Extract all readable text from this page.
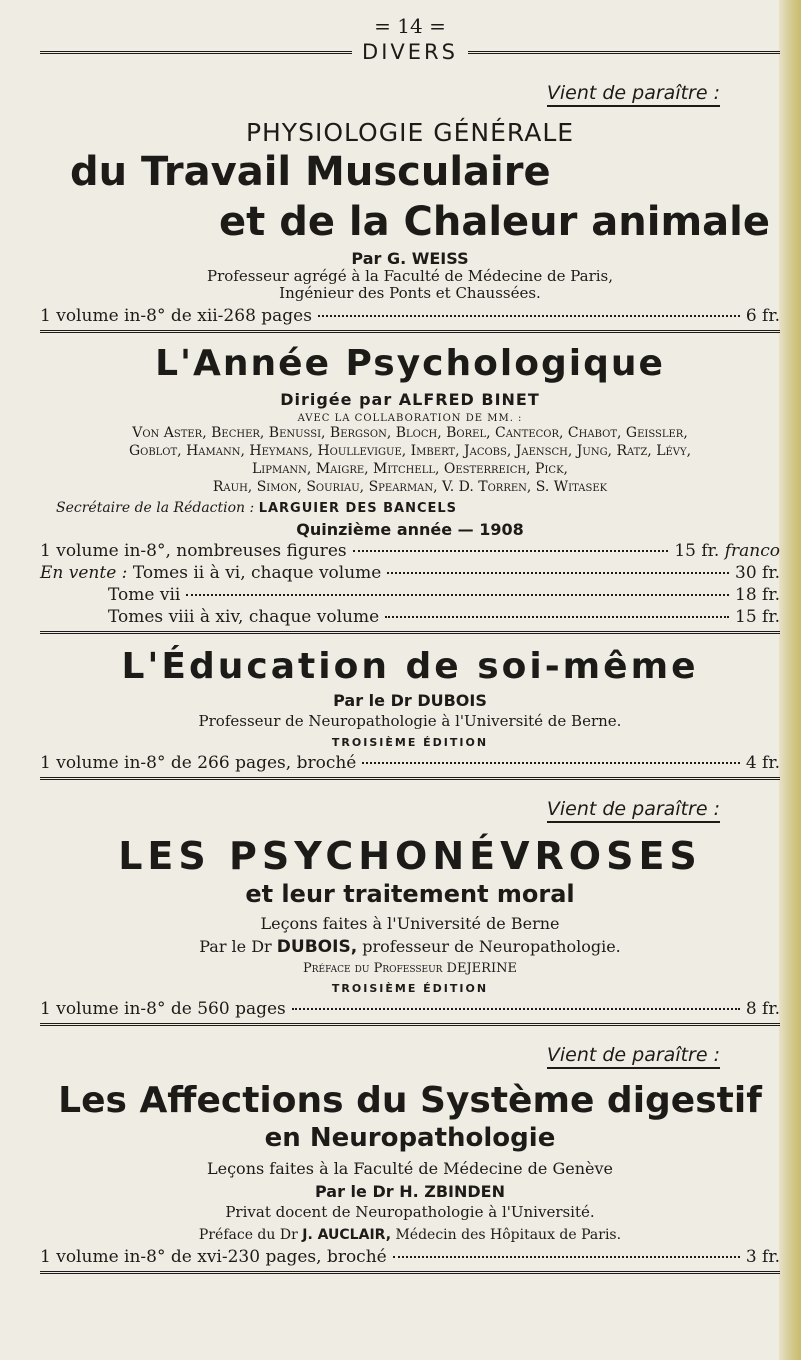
= 14 =
DIVERS
Vient de paraître :
PHYSIOLOGIE GÉNÉRALE
du Travail Musculaire
et de la Chaleur animale
Par G. WEISS
Professeur agrégé à la Faculté de Médecine de Paris,
Ingénieur des Ponts et Chaussées.
1 volume in-8° de xii-268 pages	6 fr.
L'Année Psychologique
Dirigée par ALFRED BINET
AVEC LA COLLABORATION DE MM. :
Von Aster, Becher, Benussi, Bergson, Bloch, Borel, Cantecor, Chabot, Geissler,
Goblot, Hamann, Heymans, Houllevigue, Imbert, Jacobs, Jaensch, Jung, Ratz, Lévy,
Lipmann, Maigre, Mitchell, Oesterreich, Pick,
Rauh, Simon, Souriau, Spearman, V. D. Torren, S. Witasek
Secrétaire de la Rédaction : LARGUIER DES BANCELS
Quinzième année — 1908
1 volume in-8°, nombreuses figures	15 fr. franco
En vente :
Tomes ii à vi, chaque volume	30 fr.
Tome vii	18 fr.
Tomes viii à xiv, chaque volume	15 fr.
L'Éducation de soi-même
Par le Dr DUBOIS
Professeur de Neuropathologie à l'Université de Berne.
TROISIÈME ÉDITION
1 volume in-8° de 266 pages, broché	4 fr.
Vient de paraître :
LES PSYCHONÉVROSES
et leur traitement moral
Leçons faites à l'Université de Berne
Par le Dr DUBOIS, professeur de Neuropathologie.
Préface du Professeur DEJERINE
TROISIÈME ÉDITION
1 volume in-8° de 560 pages	8 fr.
Vient de paraître :
Les Affections du Système digestif
en Neuropathologie
Leçons faites à la Faculté de Médecine de Genève
Par le Dr H. ZBINDEN
Privat docent de Neuropathologie à l'Université.
Préface du Dr J. AUCLAIR, Médecin des Hôpitaux de Paris.
1 volume in-8° de xvi-230 pages, broché	3 fr.
